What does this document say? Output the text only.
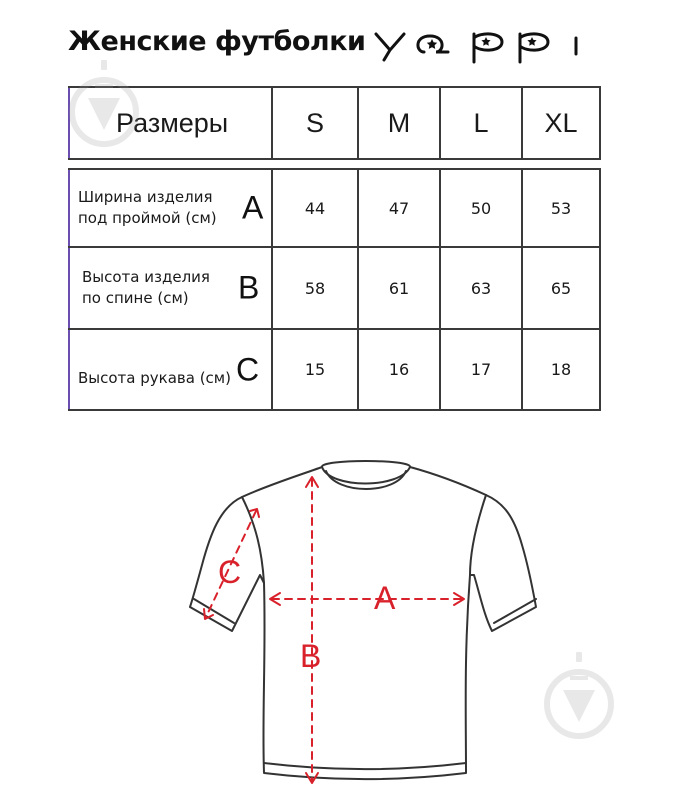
Женские футболки
Размеры	S	M	L	XL
Ширина изделия
под проймой (см) A	44	47	50	53
Высота изделия
по спине (см) B	58	61	63	65
Высота рукава (см) C	15	16	17	18
A
B
C
